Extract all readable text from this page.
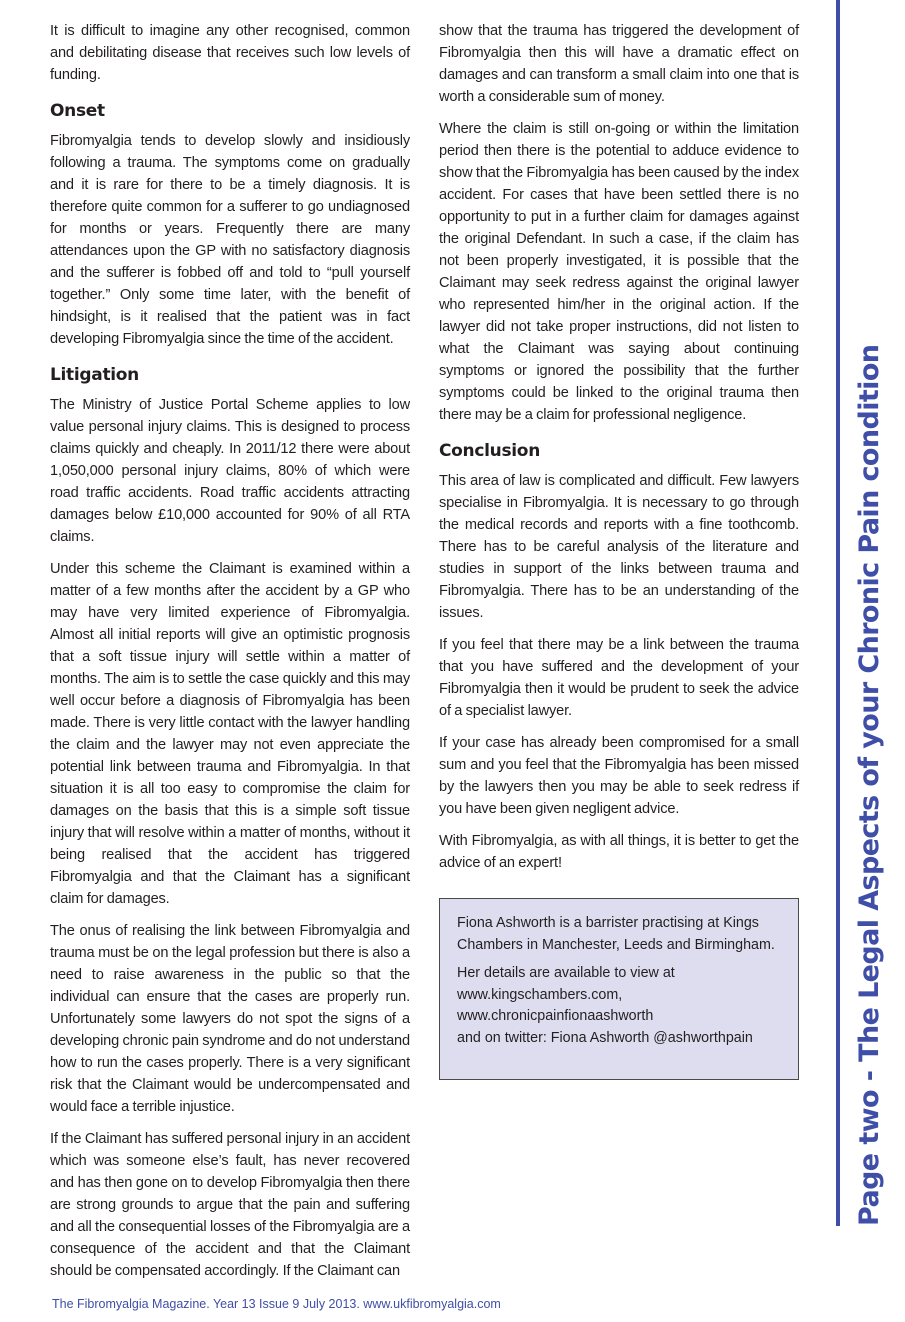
It is difficult to imagine any other recognised, common and debilitating disease that receives such low levels of funding.

Onset

Fibromyalgia tends to develop slowly and insidiously following a trauma. The symptoms come on gradually and it is rare for there to be a timely diagnosis. It is therefore quite common for a sufferer to go undiagnosed for months or years. Frequently there are many attendances upon the GP with no satisfactory diagnosis and the sufferer is fobbed off and told to “pull yourself together.” Only some time later, with the benefit of hindsight, is it realised that the patient was in fact developing Fibromyalgia since the time of the accident.

Litigation

The Ministry of Justice Portal Scheme applies to low value personal injury claims. This is designed to process claims quickly and cheaply. In 2011/12 there were about 1,050,000 personal injury claims, 80% of which were road traffic accidents. Road traffic accidents attracting damages below £10,000 accounted for 90% of all RTA claims.

Under this scheme the Claimant is examined within a matter of a few months after the accident by a GP who may have very limited experience of Fibromyalgia. Almost all initial reports will give an optimistic prognosis that a soft tissue injury will settle within a matter of months. The aim is to settle the case quickly and this may well occur before a diagnosis of Fibromyalgia has been made. There is very little contact with the lawyer handling the claim and the lawyer may not even appreciate the potential link between trauma and Fibromyalgia. In that situation it is all too easy to compromise the claim for damages on the basis that this is a simple soft tissue injury that will resolve within a matter of months, without it being realised that the accident has triggered Fibromyalgia and that the Claimant has a significant claim for damages.

The onus of realising the link between Fibromyalgia and trauma must be on the legal profession but there is also a need to raise awareness in the public so that the individual can ensure that the cases are properly run. Unfortunately some lawyers do not spot the signs of a developing chronic pain syndrome and do not understand how to run the cases properly. There is a very significant risk that the Claimant would be undercompensated and would face a terrible injustice.

If the Claimant has suffered personal injury in an accident which was someone else’s fault, has never recovered and has then gone on to develop Fibromyalgia then there are strong grounds to argue that the pain and suffering and all the consequential losses of the Fibromyalgia are a consequence of the accident and that the Claimant should be compensated accordingly. If the Claimant can

show that the trauma has triggered the development of Fibromyalgia then this will have a dramatic effect on damages and can transform a small claim into one that is worth a considerable sum of money.

Where the claim is still on-going or within the limitation period then there is the potential to adduce evidence to show that the Fibromyalgia has been caused by the index accident. For cases that have been settled there is no opportunity to put in a further claim for damages against the original Defendant. In such a case, if the claim has not been properly investigated, it is possible that the Claimant may seek redress against the original lawyer who represented him/her in the original action. If the lawyer did not take proper instructions, did not listen to what the Claimant was saying about continuing symptoms or ignored the possibility that the further symptoms could be linked to the original trauma then there may be a claim for professional negligence.

Conclusion

This area of law is complicated and difficult. Few lawyers specialise in Fibromyalgia. It is necessary to go through the medical records and reports with a fine toothcomb. There has to be careful analysis of the literature and studies in support of the links between trauma and Fibromyalgia. There has to be an understanding of the issues.

If you feel that there may be a link between the trauma that you have suffered and the development of your Fibromyalgia then it would be prudent to seek the advice of a specialist lawyer.

If your case has already been compromised for a small sum and you feel that the Fibromyalgia has been missed by the lawyers then you may be able to seek redress if you have been given negligent advice.

With Fibromyalgia, as with all things, it is better to get the advice of an expert!

Fiona Ashworth is a barrister practising at Kings Chambers in Manchester, Leeds and Birmingham.

Her details are available to view at
www.kingschambers.com,
www.chronicpainfionaashworth
and on twitter: Fiona Ashworth @ashworthpain	Page two - The Legal Aspects of your Chronic Pain condition
The Fibromyalgia Magazine. Year 13 Issue 9 July 2013. www.ukfibromyalgia.com
